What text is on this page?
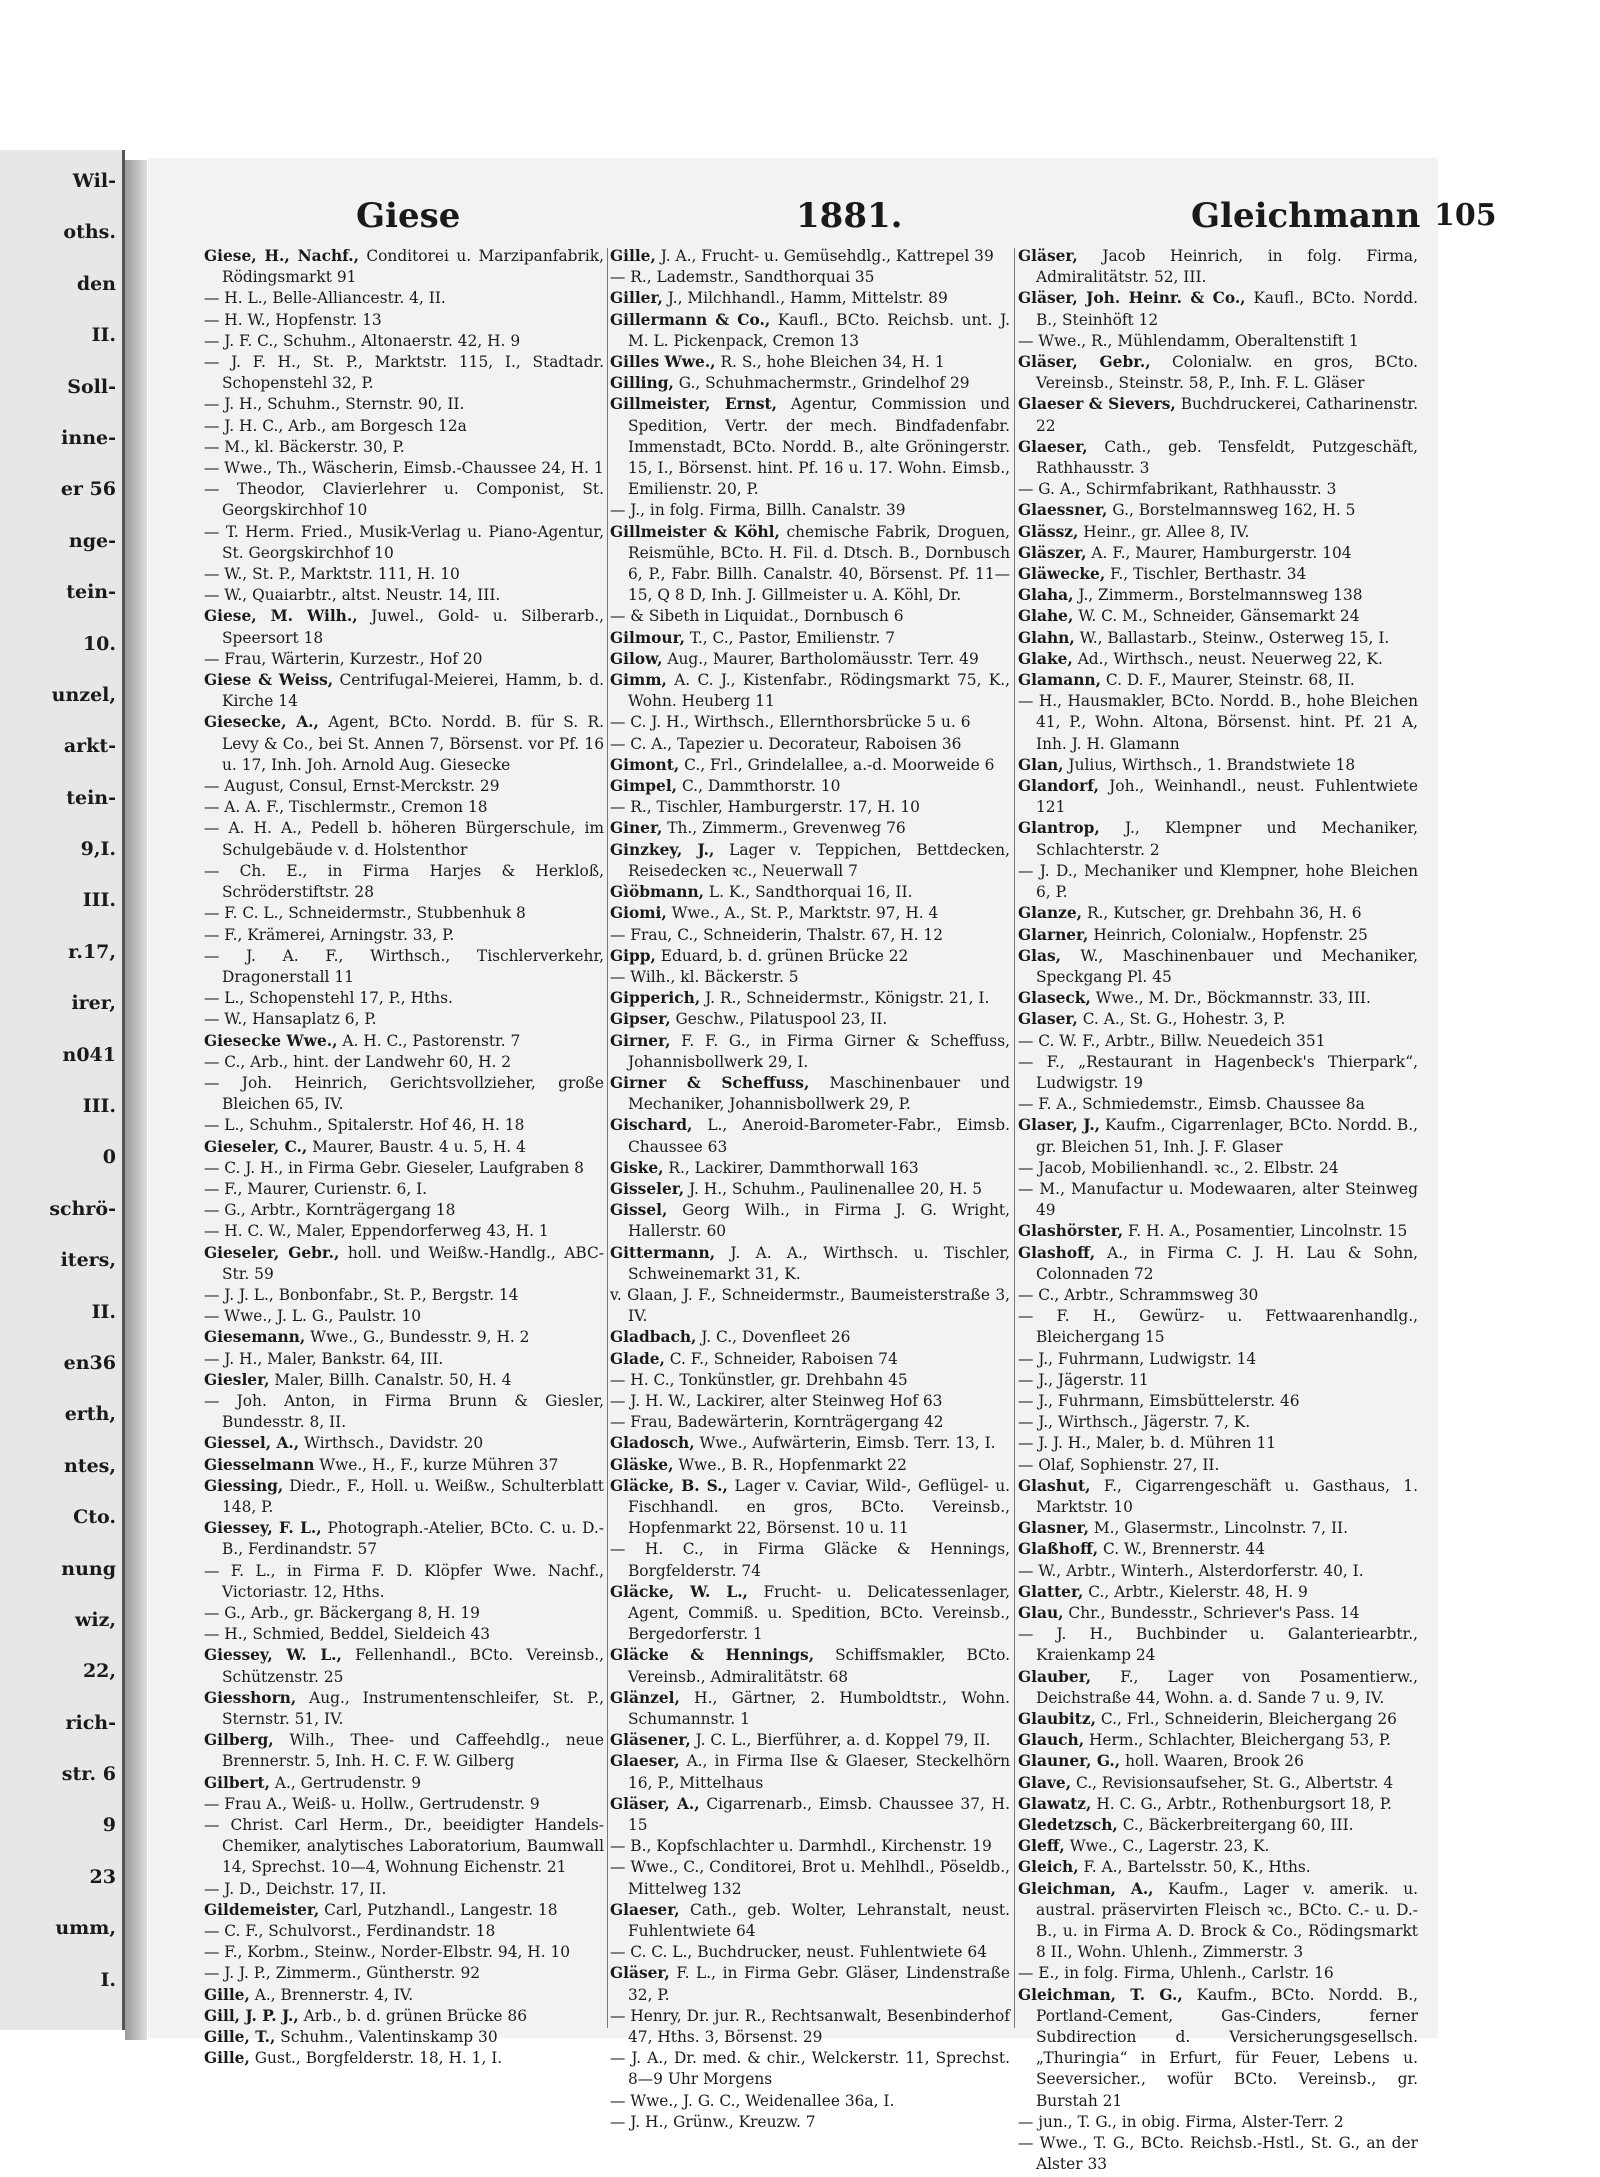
Wil-
oths.
den
II.
Soll-
inne-
er 56
nge-
tein-
10.
unzel,
arkt-
tein-
9,I.
III.
r.17,
irer,
n041
III.
0
schrö-
iters,
II.
en36
erth,
ntes,
Cto.
nung
wiz,
22,
rich-
str. 6
9
23
umm,
I.
Giese	1881.	Gleichmann 105

Giese, H., Nachf., Conditorei u. Marzipanfabrik, Rödingsmarkt 91

— H. L., Belle-Alliancestr. 4, II.

— H. W., Hopfenstr. 13

— J. F. C., Schuhm., Altonaerstr. 42, H. 9

— J. F. H., St. P., Marktstr. 115, I., Stadtadr. Schopenstehl 32, P.

— J. H., Schuhm., Sternstr. 90, II.

— J. H. C., Arb., am Borgesch 12a

— M., kl. Bäckerstr. 30, P.

— Wwe., Th., Wäscherin, Eimsb.-Chaussee 24, H. 1

— Theodor, Clavierlehrer u. Componist, St. Georgskirchhof 10

— T. Herm. Fried., Musik-Verlag u. Piano-Agentur, St. Georgskirchhof 10

— W., St. P., Marktstr. 111, H. 10

— W., Quaiarbtr., altst. Neustr. 14, III.

Giese, M. Wilh., Juwel., Gold- u. Silberarb., Speersort 18

— Frau, Wärterin, Kurzestr., Hof 20

Giese & Weiss, Centrifugal-Meierei, Hamm, b. d. Kirche 14

Giesecke, A., Agent, BCto. Nordd. B. für S. R. Levy & Co., bei St. Annen 7, Börsenst. vor Pf. 16 u. 17, Inh. Joh. Arnold Aug. Giesecke

— August, Consul, Ernst-Merckstr. 29

— A. A. F., Tischlermstr., Cremon 18

— A. H. A., Pedell b. höheren Bürgerschule, im Schulgebäude v. d. Holstenthor

— Ch. E., in Firma Harjes & Herkloß, Schröderstiftstr. 28

— F. C. L., Schneidermstr., Stubbenhuk 8

— F., Krämerei, Arningstr. 33, P.

— J. A. F., Wirthsch., Tischlerverkehr, Dragonerstall 11

— L., Schopenstehl 17, P., Hths.

— W., Hansaplatz 6, P.

Giesecke Wwe., A. H. C., Pastorenstr. 7

— C., Arb., hint. der Landwehr 60, H. 2

— Joh. Heinrich, Gerichtsvollzieher, große Bleichen 65, IV.

— L., Schuhm., Spitalerstr. Hof 46, H. 18

Gieseler, C., Maurer, Baustr. 4 u. 5, H. 4

— C. J. H., in Firma Gebr. Gieseler, Laufgraben 8

— F., Maurer, Curienstr. 6, I.

— G., Arbtr., Kornträgergang 18

— H. C. W., Maler, Eppendorferweg 43, H. 1

Gieseler, Gebr., holl. und Weißw.-Handlg., ABC-Str. 59

— J. J. L., Bonbonfabr., St. P., Bergstr. 14

— Wwe., J. L. G., Paulstr. 10

Giesemann, Wwe., G., Bundesstr. 9, H. 2

— J. H., Maler, Bankstr. 64, III.

Giesler, Maler, Billh. Canalstr. 50, H. 4

— Joh. Anton, in Firma Brunn & Giesler, Bundesstr. 8, II.

Giessel, A., Wirthsch., Davidstr. 20

Giesselmann Wwe., H., F., kurze Mühren 37

Giessing, Diedr., F., Holl. u. Weißw., Schulterblatt 148, P.

Giessey, F. L., Photograph.-Atelier, BCto. C. u. D.-B., Ferdinandstr. 57

— F. L., in Firma F. D. Klöpfer Wwe. Nachf., Victoriastr. 12, Hths.

— G., Arb., gr. Bäckergang 8, H. 19

— H., Schmied, Beddel, Sieldeich 43

Giessey, W. L., Fellenhandl., BCto. Vereinsb., Schützenstr. 25

Giesshorn, Aug., Instrumentenschleifer, St. P., Sternstr. 51, IV.

Gilberg, Wilh., Thee- und Caffeehdlg., neue Brennerstr. 5, Inh. H. C. F. W. Gilberg

Gilbert, A., Gertrudenstr. 9

— Frau A., Weiß- u. Hollw., Gertrudenstr. 9

— Christ. Carl Herm., Dr., beeidigter Handels-Chemiker, analytisches Laboratorium, Baumwall 14, Sprechst. 10—4, Wohnung Eichenstr. 21

— J. D., Deichstr. 17, II.

Gildemeister, Carl, Putzhandl., Langestr. 18

— C. F., Schulvorst., Ferdinandstr. 18

— F., Korbm., Steinw., Norder-Elbstr. 94, H. 10

— J. J. P., Zimmerm., Güntherstr. 92

Gille, A., Brennerstr. 4, IV.

Gill, J. P. J., Arb., b. d. grünen Brücke 86

Gille, T., Schuhm., Valentinskamp 30

Gille, Gust., Borgfelderstr. 18, H. 1, I.

Gille, J. A., Frucht- u. Gemüsehdlg., Kattrepel 39

— R., Lademstr., Sandthorquai 35

Giller, J., Milchhandl., Hamm, Mittelstr. 89

Gillermann & Co., Kaufl., BCto. Reichsb. unt. J. M. L. Pickenpack, Cremon 13

Gilles Wwe., R. S., hohe Bleichen 34, H. 1

Gilling, G., Schuhmachermstr., Grindelhof 29

Gillmeister, Ernst, Agentur, Commission und Spedition, Vertr. der mech. Bindfadenfabr. Immenstadt, BCto. Nordd. B., alte Gröningerstr. 15, I., Börsenst. hint. Pf. 16 u. 17. Wohn. Eimsb., Emilienstr. 20, P.

— J., in folg. Firma, Billh. Canalstr. 39

Gillmeister & Köhl, chemische Fabrik, Droguen, Reismühle, BCto. H. Fil. d. Dtsch. B., Dornbusch 6, P., Fabr. Billh. Canalstr. 40, Börsenst. Pf. 11—15, Q 8 D, Inh. J. Gillmeister u. A. Köhl, Dr.

— & Sibeth in Liquidat., Dornbusch 6

Gilmour, T., C., Pastor, Emilienstr. 7

Gilow, Aug., Maurer, Bartholomäusstr. Terr. 49

Gimm, A. C. J., Kistenfabr., Rödingsmarkt 75, K., Wohn. Heuberg 11

— C. J. H., Wirthsch., Ellernthorsbrücke 5 u. 6

— C. A., Tapezier u. Decorateur, Raboisen 36

Gimont, C., Frl., Grindelallee, a.-d. Moorweide 6

Gimpel, C., Dammthorstr. 10

— R., Tischler, Hamburgerstr. 17, H. 10

Giner, Th., Zimmerm., Grevenweg 76

Ginzkey, J., Lager v. Teppichen, Bettdecken, Reisedecken ꝛc., Neuerwall 7

Gìöbmann, L. K., Sandthorquai 16, II.

Giomi, Wwe., A., St. P., Marktstr. 97, H. 4

— Frau, C., Schneiderin, Thalstr. 67, H. 12

Gipp, Eduard, b. d. grünen Brücke 22

— Wilh., kl. Bäckerstr. 5

Gipperich, J. R., Schneidermstr., Königstr. 21, I.

Gipser, Geschw., Pilatuspool 23, II.

Girner, F. F. G., in Firma Girner & Scheffuss, Johannisbollwerk 29, I.

Girner & Scheffuss, Maschinenbauer und Mechaniker, Johannisbollwerk 29, P.

Gischard, L., Aneroid-Barometer-Fabr., Eimsb. Chaussee 63

Giske, R., Lackirer, Dammthorwall 163

Gisseler, J. H., Schuhm., Paulinenallee 20, H. 5

Gissel, Georg Wilh., in Firma J. G. Wright, Hallerstr. 60

Gittermann, J. A. A., Wirthsch. u. Tischler, Schweinemarkt 31, K.

v. Glaan, J. F., Schneidermstr., Baumeisterstraße 3, IV.

Gladbach, J. C., Dovenfleet 26

Glade, C. F., Schneider, Raboisen 74

— H. C., Tonkünstler, gr. Drehbahn 45

— J. H. W., Lackirer, alter Steinweg Hof 63

— Frau, Badewärterin, Kornträgergang 42

Gladosch, Wwe., Aufwärterin, Eimsb. Terr. 13, I.

Gläske, Wwe., B. R., Hopfenmarkt 22

Gläcke, B. S., Lager v. Caviar, Wild-, Geflügel- u. Fischhandl. en gros, BCto. Vereinsb., Hopfenmarkt 22, Börsenst. 10 u. 11

— H. C., in Firma Gläcke & Hennings, Borgfelderstr. 74

Gläcke, W. L., Frucht- u. Delicatessenlager, Agent, Commiß. u. Spedition, BCto. Vereinsb., Bergedorferstr. 1

Gläcke & Hennings, Schiffsmakler, BCto. Vereinsb., Admiralitätstr. 68

Glänzel, H., Gärtner, 2. Humboldtstr., Wohn. Schumannstr. 1

Gläsener, J. C. L., Bierführer, a. d. Koppel 79, II.

Glaeser, A., in Firma Ilse & Glaeser, Steckelhörn 16, P., Mittelhaus

Gläser, A., Cigarrenarb., Eimsb. Chaussee 37, H. 15

— B., Kopfschlachter u. Darmhdl., Kirchenstr. 19

— Wwe., C., Conditorei, Brot u. Mehlhdl., Pöseldb., Mittelweg 132

Glaeser, Cath., geb. Wolter, Lehranstalt, neust. Fuhlentwiete 64

— C. C. L., Buchdrucker, neust. Fuhlentwiete 64

Gläser, F. L., in Firma Gebr. Gläser, Lindenstraße 32, P.

— Henry, Dr. jur. R., Rechtsanwalt, Besenbinderhof 47, Hths. 3, Börsenst. 29

— J. A., Dr. med. & chir., Welckerstr. 11, Sprechst. 8—9 Uhr Morgens

— Wwe., J. G. C., Weidenallee 36a, I.

— J. H., Grünw., Kreuzw. 7

Gläser, Jacob Heinrich, in folg. Firma, Admiralitätstr. 52, III.

Gläser, Joh. Heinr. & Co., Kaufl., BCto. Nordd. B., Steinhöft 12

— Wwe., R., Mühlendamm, Oberaltenstift 1

Gläser, Gebr., Colonialw. en gros, BCto. Vereinsb., Steinstr. 58, P., Inh. F. L. Gläser

Glaeser & Sievers, Buchdruckerei, Catharinenstr. 22

Glaeser, Cath., geb. Tensfeldt, Putzgeschäft, Rathhausstr. 3

— G. A., Schirmfabrikant, Rathhausstr. 3

Glaessner, G., Borstelmannsweg 162, H. 5

Glässz, Heinr., gr. Allee 8, IV.

Gläszer, A. F., Maurer, Hamburgerstr. 104

Gläwecke, F., Tischler, Berthastr. 34

Glaha, J., Zimmerm., Borstelmannsweg 138

Glahe, W. C. M., Schneider, Gänsemarkt 24

Glahn, W., Ballastarb., Steinw., Osterweg 15, I.

Glake, Ad., Wirthsch., neust. Neuerweg 22, K.

Glamann, C. D. F., Maurer, Steinstr. 68, II.

— H., Hausmakler, BCto. Nordd. B., hohe Bleichen 41, P., Wohn. Altona, Börsenst. hint. Pf. 21 A, Inh. J. H. Glamann

Glan, Julius, Wirthsch., 1. Brandstwiete 18

Glandorf, Joh., Weinhandl., neust. Fuhlentwiete 121

Glantrop, J., Klempner und Mechaniker, Schlachterstr. 2

— J. D., Mechaniker und Klempner, hohe Bleichen 6, P.

Glanze, R., Kutscher, gr. Drehbahn 36, H. 6

Glarner, Heinrich, Colonialw., Hopfenstr. 25

Glas, W., Maschinenbauer und Mechaniker, Speckgang Pl. 45

Glaseck, Wwe., M. Dr., Böckmannstr. 33, III.

Glaser, C. A., St. G., Hohestr. 3, P.

— C. W. F., Arbtr., Billw. Neuedeich 351

— F., „Restaurant in Hagenbeck's Thierpark“, Ludwigstr. 19

— F. A., Schmiedemstr., Eimsb. Chaussee 8a

Glaser, J., Kaufm., Cigarrenlager, BCto. Nordd. B., gr. Bleichen 51, Inh. J. F. Glaser

— Jacob, Mobilienhandl. ꝛc., 2. Elbstr. 24

— M., Manufactur u. Modewaaren, alter Steinweg 49

Glashörster, F. H. A., Posamentier, Lincolnstr. 15

Glashoff, A., in Firma C. J. H. Lau & Sohn, Colonnaden 72

— C., Arbtr., Schrammsweg 30

— F. H., Gewürz- u. Fettwaarenhandlg., Bleichergang 15

— J., Fuhrmann, Ludwigstr. 14

— J., Jägerstr. 11

— J., Fuhrmann, Eimsbüttelerstr. 46

— J., Wirthsch., Jägerstr. 7, K.

— J. J. H., Maler, b. d. Mühren 11

— Olaf, Sophienstr. 27, II.

Glashut, F., Cigarrengeschäft u. Gasthaus, 1. Marktstr. 10

Glasner, M., Glasermstr., Lincolnstr. 7, II.

Glaßhoff, C. W., Brennerstr. 44

— W., Arbtr., Winterh., Alsterdorferstr. 40, I.

Glatter, C., Arbtr., Kielerstr. 48, H. 9

Glau, Chr., Bundesstr., Schriever's Pass. 14

— J. H., Buchbinder u. Galanteriearbtr., Kraienkamp 24

Glauber, F., Lager von Posamentierw., Deichstraße 44, Wohn. a. d. Sande 7 u. 9, IV.

Glaubitz, C., Frl., Schneiderin, Bleichergang 26

Glauch, Herm., Schlachter, Bleichergang 53, P.

Glauner, G., holl. Waaren, Brook 26

Glave, C., Revisionsaufseher, St. G., Albertstr. 4

Glawatz, H. C. G., Arbtr., Rothenburgsort 18, P.

Gledetzsch, C., Bäckerbreitergang 60, III.

Gleff, Wwe., C., Lagerstr. 23, K.

Gleich, F. A., Bartelsstr. 50, K., Hths.

Gleichman, A., Kaufm., Lager v. amerik. u. austral. präservirten Fleisch ꝛc., BCto. C.- u. D.-B., u. in Firma A. D. Brock & Co., Rödingsmarkt 8 II., Wohn. Uhlenh., Zimmerstr. 3

— E., in folg. Firma, Uhlenh., Carlstr. 16

Gleichman, T. G., Kaufm., BCto. Nordd. B., Portland-Cement, Gas-Cinders, ferner Subdirection d. Versicherungsgesellsch. „Thuringia“ in Erfurt, für Feuer, Lebens u. Seeversicher., wofür BCto. Vereinsb., gr. Burstah 21

— jun., T. G., in obig. Firma, Alster-Terr. 2

— Wwe., T. G., BCto. Reichsb.-Hstl., St. G., an der Alster 33
